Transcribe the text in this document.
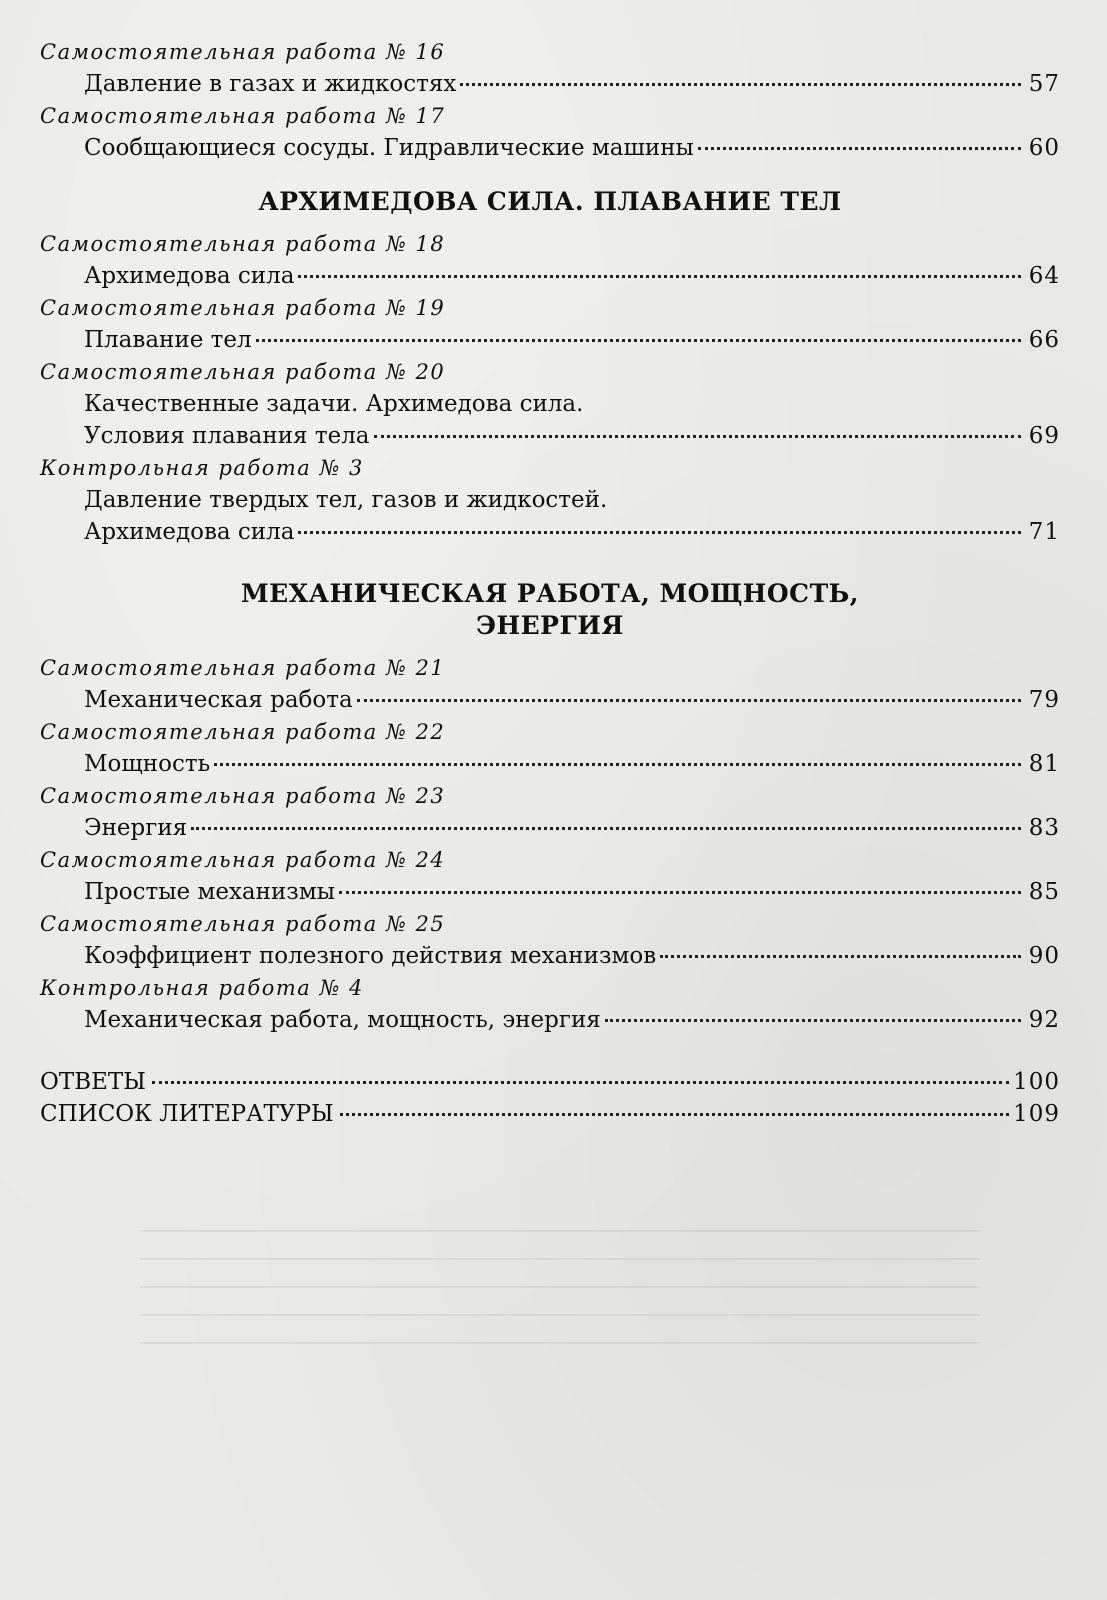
Самостоятельная работа № 16
Давление в газах и жидкостях	57
Самостоятельная работа № 17
Сообщающиеся сосуды. Гидравлические машины	60
АРХИМЕДОВА СИЛА. ПЛАВАНИЕ ТЕЛ
Самостоятельная работа № 18
Архимедова сила	64
Самостоятельная работа № 19
Плавание тел	66
Самостоятельная работа № 20
Качественные задачи. Архимедова сила.
Условия плавания тела	69
Контрольная работа № 3
Давление твердых тел, газов и жидкостей.
Архимедова сила	71
МЕХАНИЧЕСКАЯ РАБОТА, МОЩНОСТЬ,
ЭНЕРГИЯ
Самостоятельная работа № 21
Механическая работа	79
Самостоятельная работа № 22
Мощность	81
Самостоятельная работа № 23
Энергия	83
Самостоятельная работа № 24
Простые механизмы	85
Самостоятельная работа № 25
Коэффициент полезного действия механизмов	90
Контрольная работа № 4
Механическая работа, мощность, энергия	92
ОТВЕТЫ	100
СПИСОК ЛИТЕРАТУРЫ	109
